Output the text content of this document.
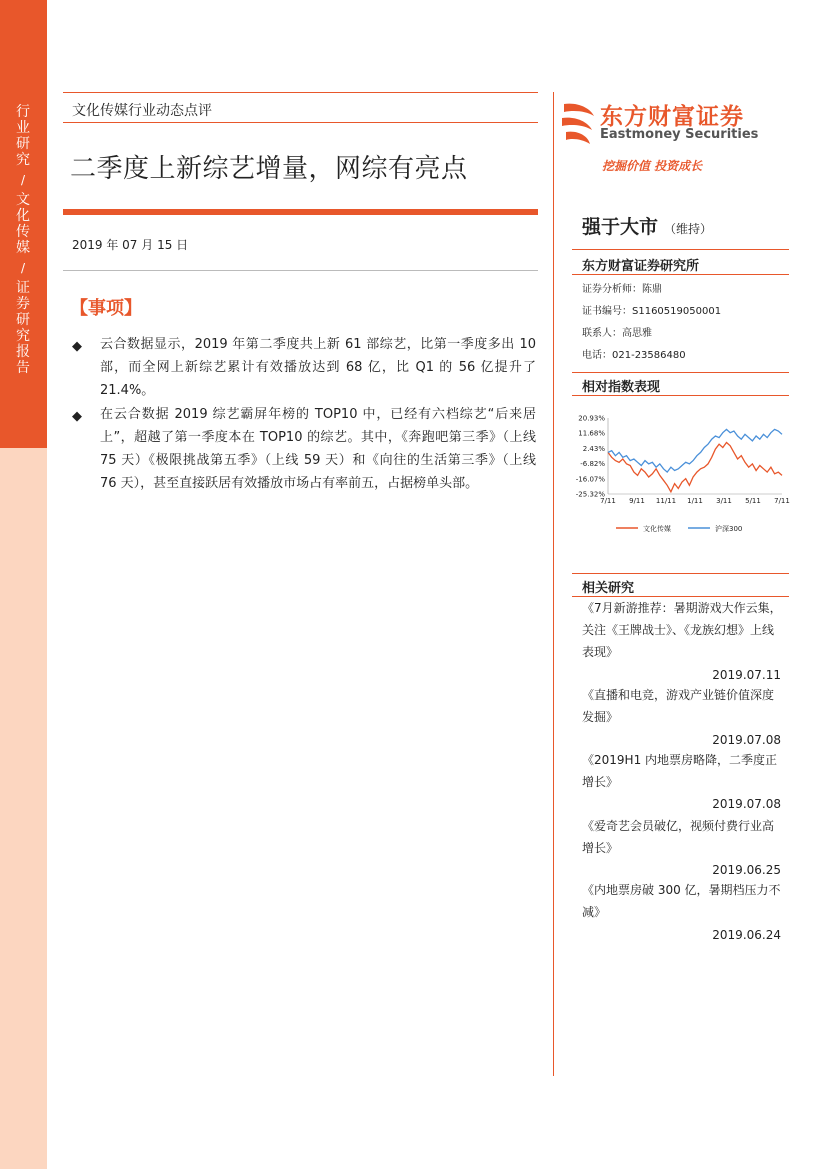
行业研究
/
文化传媒
/
证券研究报告
文化传媒行业动态点评
二季度上新综艺增量，网综有亮点
2019 年 07 月 15 日
【事项】
◆ 云合数据显示，2019 年第二季度共上新 61 部综艺，比第一季度多出 10 部，而全网上新综艺累计有效播放达到 68 亿，比 Q1 的 56 亿提升了 21.4%。

◆ 在云合数据 2019 综艺霸屏年榜的 TOP10 中，已经有六档综艺“后来居上”，超越了第一季度本在 TOP10 的综艺。其中，《奔跑吧第三季》（上线 75 天）《极限挑战第五季》（上线 59 天）和《向往的生活第三季》（上线 76 天），甚至直接跃居有效播放市场占有率前五，占据榜单头部。

东方财富证券
Eastmoney Securities
挖掘价值 投资成长
强于大市 （维持）
东方财富证券研究所
证券分析师：陈鼎
证书编号：S1160519050001
联系人：高思雅
电话：021-23586480
相对指数表现
20.93%
11.68%
2.43%
-6.82%
-16.07%
-25.32%
7/11 9/11 11/11 1/11 3/11 5/11 7/11
文化传媒	沪深300
相关研究
《7月新游推荐：暑期游戏大作云集，关注《王牌战士》、《龙族幻想》上线表现》
2019.07.11
《直播和电竞，游戏产业链价值深度发掘》
2019.07.08
《2019H1 内地票房略降，二季度正增长》
2019.07.08
《爱奇艺会员破亿，视频付费行业高增长》
2019.06.25
《内地票房破 300 亿，暑期档压力不减》
2019.06.24
